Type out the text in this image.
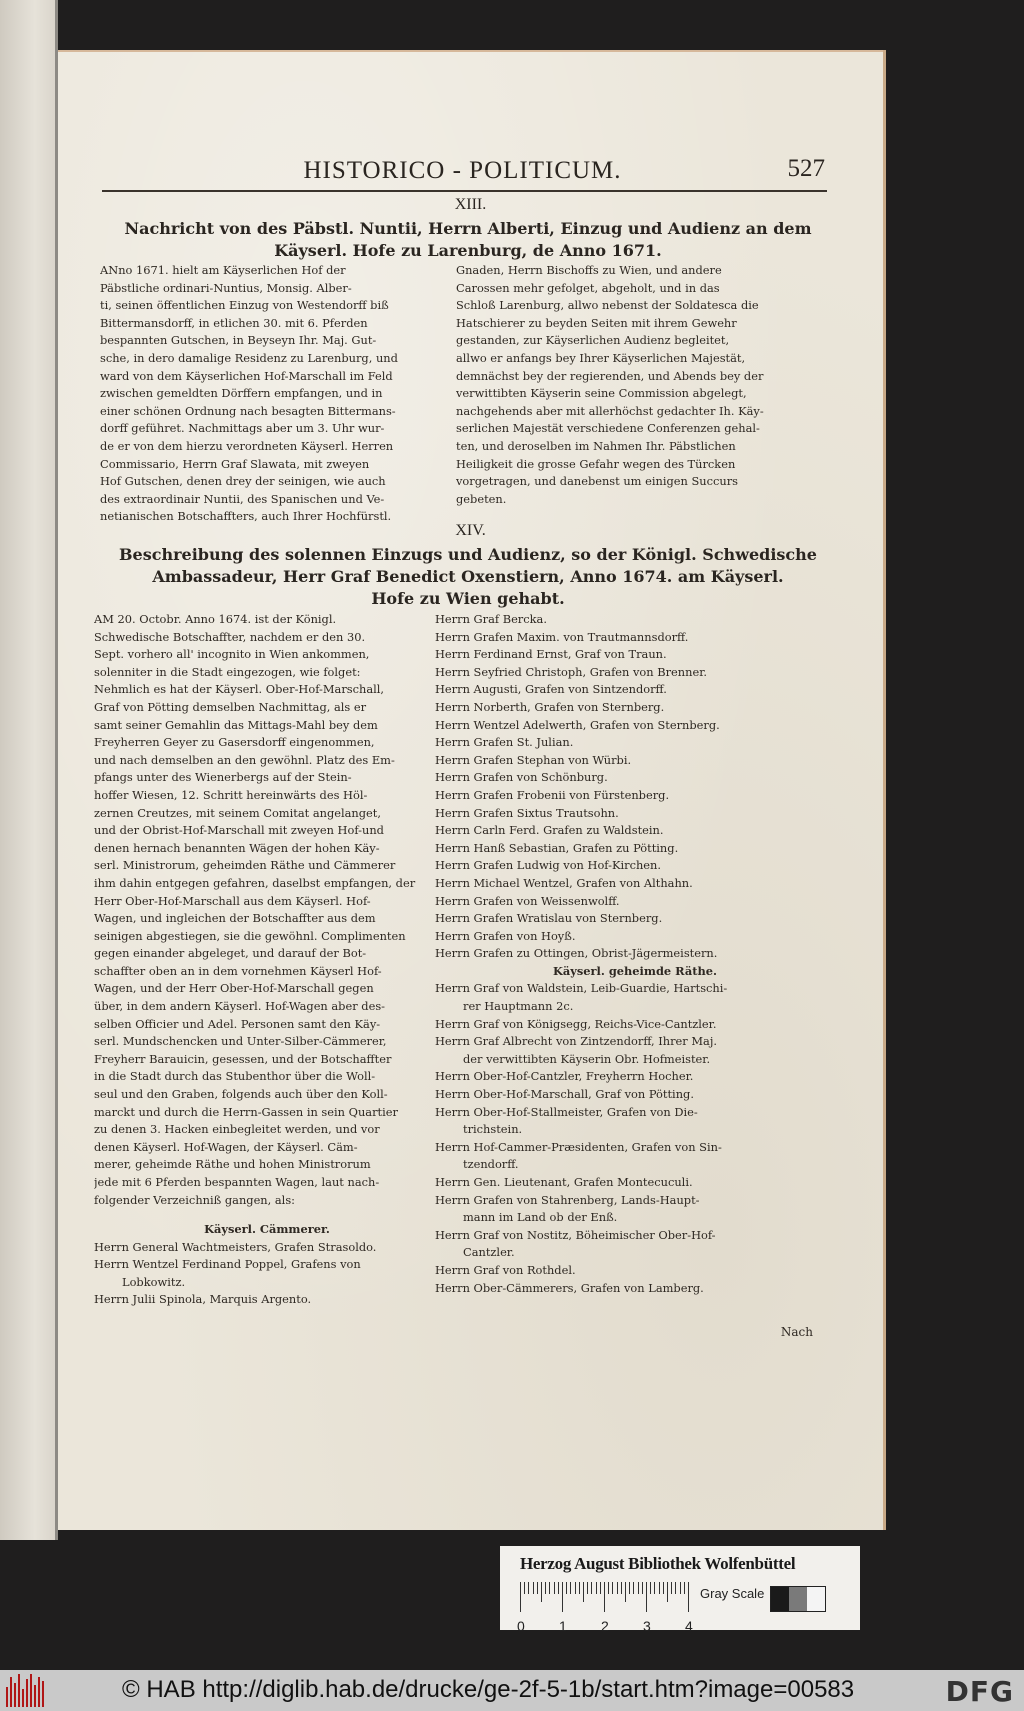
HISTORICO - POLITICUM.	527
XIII.
Nachricht von des Päbstl. Nuntii, Herrn Alberti, Einzug und Audienz an dem
Käyserl. Hofe zu Larenburg, de Anno 1671.
ANno 1671. hielt am Käyserlichen Hof der
Päbstliche ordinari-Nuntius, Monsig. Alber-
ti, seinen öffentlichen Einzug von Westendorff biß
Bittermansdorff, in etlichen 30. mit 6. Pferden
bespannten Gutschen, in Beyseyn Ihr. Maj. Gut-
sche, in dero damalige Residenz zu Larenburg, und
ward von dem Käyserlichen Hof-Marschall im Feld
zwischen gemeldten Dörffern empfangen, und in
einer schönen Ordnung nach besagten Bittermans-
dorff geführet. Nachmittags aber um 3. Uhr wur-
de er von dem hierzu verordneten Käyserl. Herren
Commissario, Herrn Graf Slawata, mit zweyen
Hof Gutschen, denen drey der seinigen, wie auch
des extraordinair Nuntii, des Spanischen und Ve-
netianischen Botschaffters, auch Ihrer Hochfürstl.
Gnaden, Herrn Bischoffs zu Wien, und andere
Carossen mehr gefolget, abgeholt, und in das
Schloß Larenburg, allwo nebenst der Soldatesca die
Hatschierer zu beyden Seiten mit ihrem Gewehr
gestanden, zur Käyserlichen Audienz begleitet,
allwo er anfangs bey Ihrer Käyserlichen Majestät,
demnächst bey der regierenden, und Abends bey der
verwittibten Käyserin seine Commission abgelegt,
nachgehends aber mit allerhöchst gedachter Ih. Käy-
serlichen Majestät verschiedene Conferenzen gehal-
ten, und deroselben im Nahmen Ihr. Päbstlichen
Heiligkeit die grosse Gefahr wegen des Türcken
vorgetragen, und danebenst um einigen Succurs
gebeten.
XIV.
Beschreibung des solennen Einzugs und Audienz, so der Königl. Schwedische
Ambassadeur, Herr Graf Benedict Oxenstiern, Anno 1674. am Käyserl.
Hofe zu Wien gehabt.
AM 20. Octobr. Anno 1674. ist der Königl.
Schwedische Botschaffter, nachdem er den 30.
Sept. vorhero all' incognito in Wien ankommen,
solenniter in die Stadt eingezogen, wie folget:
Nehmlich es hat der Käyserl. Ober-Hof-Marschall,
Graf von Pötting demselben Nachmittag, als er
samt seiner Gemahlin das Mittags-Mahl bey dem
Freyherren Geyer zu Gasersdorff eingenommen,
und nach demselben an den gewöhnl. Platz des Em-
pfangs unter des Wienerbergs auf der Stein-
hoffer Wiesen, 12. Schritt hereinwärts des Höl-
zernen Creutzes, mit seinem Comitat angelanget,
und der Obrist-Hof-Marschall mit zweyen Hof-und
denen hernach benannten Wägen der hohen Käy-
serl. Ministrorum, geheimden Räthe und Cämmerer
ihm dahin entgegen gefahren, daselbst empfangen, der
Herr Ober-Hof-Marschall aus dem Käyserl. Hof-
Wagen, und ingleichen der Botschaffter aus dem
seinigen abgestiegen, sie die gewöhnl. Complimenten
gegen einander abgeleget, und darauf der Bot-
schaffter oben an in dem vornehmen Käyserl Hof-
Wagen, und der Herr Ober-Hof-Marschall gegen
über, in dem andern Käyserl. Hof-Wagen aber des-
selben Officier und Adel. Personen samt den Käy-
serl. Mundschencken und Unter-Silber-Cämmerer,
Freyherr Barauicin, gesessen, und der Botschaffter
in die Stadt durch das Stubenthor über die Woll-
seul und den Graben, folgends auch über den Koll-
marckt und durch die Herrn-Gassen in sein Quartier
zu denen 3. Hacken einbegleitet werden, und vor
denen Käyserl. Hof-Wagen, der Käyserl. Cäm-
merer, geheimde Räthe und hohen Ministrorum
jede mit 6 Pferden bespannten Wagen, laut nach-
folgender Verzeichniß gangen, als:
Käyserl. Cämmerer.
Herrn General Wachtmeisters, Grafen Strasoldo.
Herrn Wentzel Ferdinand Poppel, Grafens von
Lobkowitz.
Herrn Julii Spinola, Marquis Argento.
Herrn Graf Bercka.
Herrn Grafen Maxim. von Trautmannsdorff.
Herrn Ferdinand Ernst, Graf von Traun.
Herrn Seyfried Christoph, Grafen von Brenner.
Herrn Augusti, Grafen von Sintzendorff.
Herrn Norberth, Grafen von Sternberg.
Herrn Wentzel Adelwerth, Grafen von Sternberg.
Herrn Grafen St. Julian.
Herrn Grafen Stephan von Würbi.
Herrn Grafen von Schönburg.
Herrn Grafen Frobenii von Fürstenberg.
Herrn Grafen Sixtus Trautsohn.
Herrn Carln Ferd. Grafen zu Waldstein.
Herrn Hanß Sebastian, Grafen zu Pötting.
Herrn Grafen Ludwig von Hof-Kirchen.
Herrn Michael Wentzel, Grafen von Althahn.
Herrn Grafen von Weissenwolff.
Herrn Grafen Wratislau von Sternberg.
Herrn Grafen von Hoyß.
Herrn Grafen zu Ottingen, Obrist-Jägermeistern.
Käyserl. geheimde Räthe.
Herrn Graf von Waldstein, Leib-Guardie, Hartschi-
rer Hauptmann 2c.
Herrn Graf von Königsegg, Reichs-Vice-Cantzler.
Herrn Graf Albrecht von Zintzendorff, Ihrer Maj.
der verwittibten Käyserin Obr. Hofmeister.
Herrn Ober-Hof-Cantzler, Freyherrn Hocher.
Herrn Ober-Hof-Marschall, Graf von Pötting.
Herrn Ober-Hof-Stallmeister, Grafen von Die-
trichstein.
Herrn Hof-Cammer-Præsidenten, Grafen von Sin-
tzendorff.
Herrn Gen. Lieutenant, Grafen Montecuculi.
Herrn Grafen von Stahrenberg, Lands-Haupt-
mann im Land ob der Enß.
Herrn Graf von Nostitz, Böheimischer Ober-Hof-
Cantzler.
Herrn Graf von Rothdel.
Herrn Ober-Cämmerers, Grafen von Lamberg.
Nach
Herzog August Bibliothek Wolfenbüttel
0 1 2 3 4
Gray Scale
© HAB http://diglib.hab.de/drucke/ge-2f-5-1b/start.htm?image=00583	DFG
